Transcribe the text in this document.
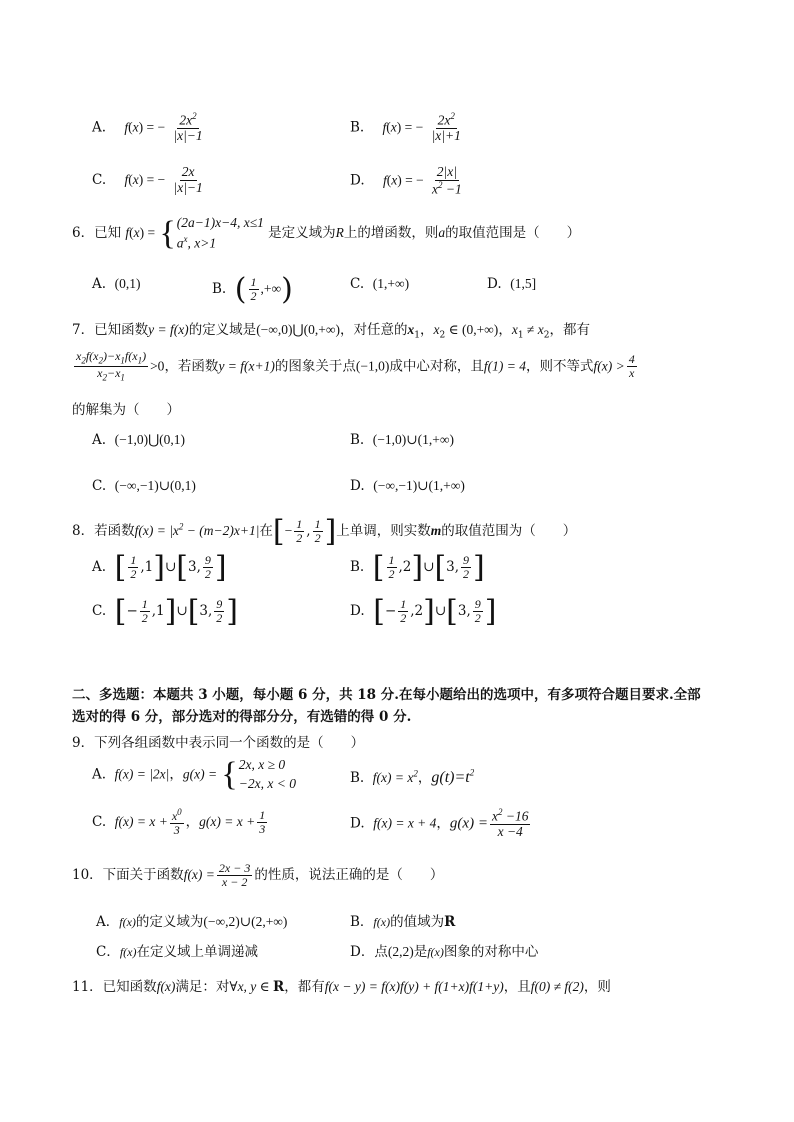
A. f(x) = − $\frac{2x^2}{|x|-1}$	B. f(x) = − $\frac{2x^2}{|x|+1}$
C. f(x) = − $\frac{2x}{|x|-1}$	D. f(x) = − $\frac{2|x|}{x^2 -1}$
6．已知 f(x) = { (2a−1)x−4, x≤1
$a^x$, x>1
是定义域为R上的增函数，则a的取值范围是（　　）
A.  (0,1)	B.  ( $\frac{1}{2}$ ,+∞)	C.  (1,+∞)	D.  (1,5]
7．已知函数y = f(x)的定义域是(−∞,0)⋃(0,+∞)，对任意的$x_1$，$x_2$ ∈ (0,+∞)，$x_1 \ne x_2$，都有
$\frac{x_2f(x_2)-x_1f(x_1)}{x_2-x_1} >0$，若函数y = f(x+1)的图象关于点(−1,0)成中心对称，且f(1) = 4，则不等式$f(x) > \frac{4}{x}$
的解集为（　　）
A.  (−1,0)⋃(0,1)	B.  (−1,0)∪(1,+∞)
C.  (−∞,−1)∪(0,1)	D.  (−∞,−1)∪(1,+∞)
8．若函数$f(x) = |x^2 - (m-2)x+1|$在[− $\frac{1}{2}$ , $\frac{1}{2}$ ]上单调，则实数m的取值范围为（　　）
A.  [ $\frac{1}{2}$ ,1]∪[3, $\frac{9}{2}$ ]	B.  [ $\frac{1}{2}$ ,2]∪[3, $\frac{9}{2}$ ]
C.  [− $\frac{1}{2}$ ,1]∪[3, $\frac{9}{2}$ ]	D.  [− $\frac{1}{2}$ ,2]∪[3, $\frac{9}{2}$ ]
二、多选题：本题共 3 小题，每小题 6 分，共 18 分.在每小题给出的选项中，有多项符合题目要求.全部
选对的得 6 分，部分选对的得部分分，有选错的得 0 分.
9．下列各组函数中表示同一个函数的是（　　）
A.  f(x) = |2x|，g(x) = { 2x, x ≥ 0
−2x, x < 0	B.  $f(x) = x^2$，$g(t)=t^2$
C.  $f(x) = x + \frac{x^0}{3}$ ，$g(x) = x + \frac{1}{3}$	D.  f(x) = x + 4，$g(x) = \frac{x^2 -16}{x -4}$
10．下面关于函数$f(x) = \frac{2x - 3}{x - 2}$ 的性质，说法正确的是（　　）
A．f(x)的定义域为(−∞,2)∪(2,+∞)	B．f(x)的值域为R
C．f(x)在定义域上单调递减	D．点(2,2)是f(x)图象的对称中心
11．已知函数f(x)满足：对∀x, y ∈ R，都有f(x − y) = f(x)f(y) + f(1+x)f(1+y)，且f(0) ≠ f(2)，则
